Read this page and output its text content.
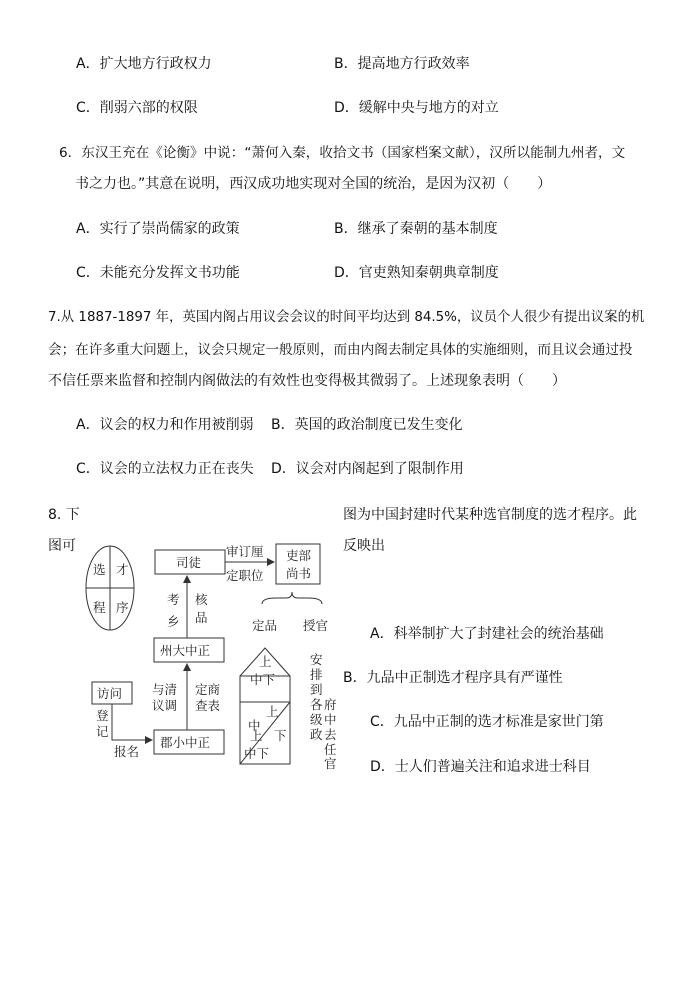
A．扩大地方行政权力	B．提高地方行政效率
C．削弱六部的权限	D．缓解中央与地方的对立
6．东汉王充在《论衡》中说：“萧何入秦，收拾文书（国家档案文献），汉所以能制九州者，文
书之力也。”其意在说明，西汉成功地实现对全国的统治，是因为汉初（　　）
A．实行了崇尚儒家的政策	B．继承了秦朝的基本制度
C．未能充分发挥文书功能	D．官吏熟知秦朝典章制度
7.从 1887-1897 年，英国内阁占用议会会议的时间平均达到 84.5%，议员个人很少有提出议案的机
会；在许多重大问题上，议会只规定一般原则，而由内阁去制定具体的实施细则，而且议会通过投
不信任票来监督和控制内阁做法的有效性也变得极其微弱了。上述现象表明（　　）
A．议会的权力和作用被削弱 B．英国的政治制度已发生变化
C．议会的立法权力正在丧失 D．议会对内阁起到了限制作用
8. 下
图可
图为中国封建时代某种选官制度的选才程序。此
反映出
A．科举制扩大了封建社会的统治基础
B．九品中正制选才程序具有严谨性
C．九品中正制的选才标准是家世门第
D．士人们普遍关注和追求进士科目
选 才
程 序
司徒
审订厘
定职位
吏部
尚书
定品 授官
考
乡
核
品
州大中正
与清
议调
定商
查表
访问
登
记
报名
郡小中正
上
中下
上
中
下
上
中下
安
排
到
各
级
政
府
中
去
任
官
